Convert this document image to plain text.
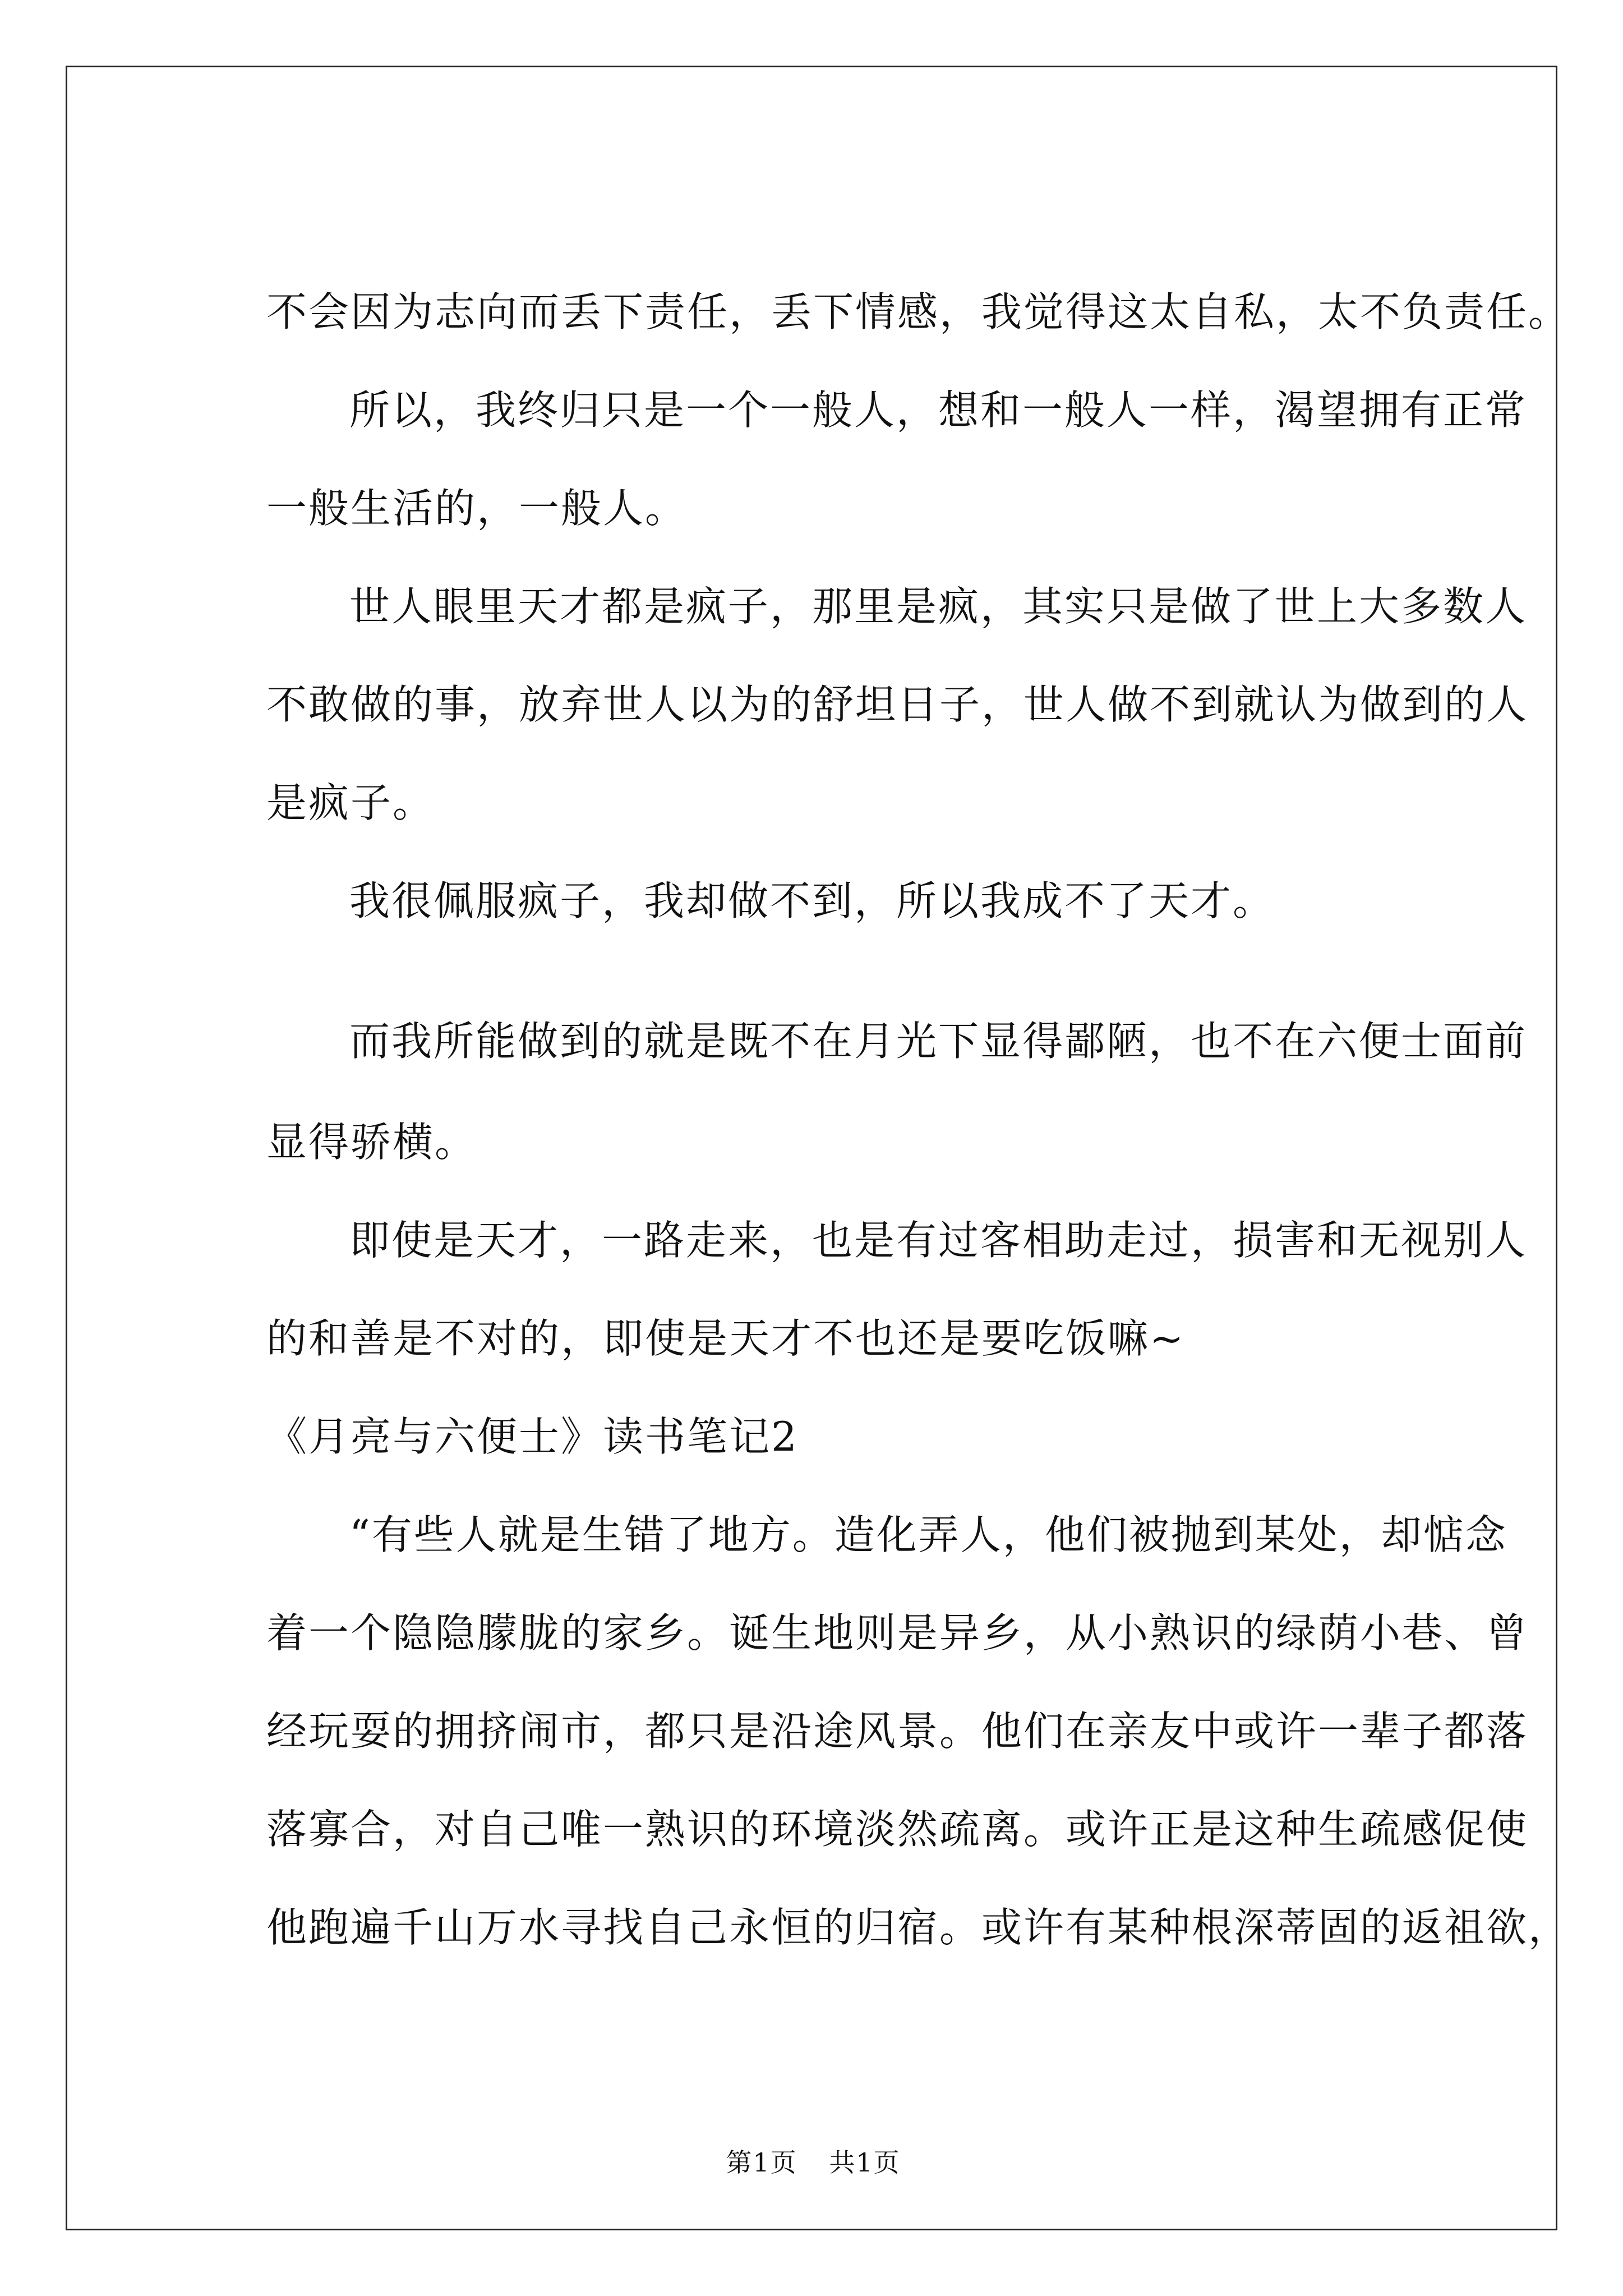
不会因为志向而丢下责任，丢下情感，我觉得这太自私，太不负责任。
所以，我终归只是一个一般人，想和一般人一样，渴望拥有正常
一般生活的，一般人。
世人眼里天才都是疯子，那里是疯，其实只是做了世上大多数人
不敢做的事，放弃世人以为的舒坦日子，世人做不到就认为做到的人
是疯子。
我很佩服疯子，我却做不到，所以我成不了天才。
而我所能做到的就是既不在月光下显得鄙陋，也不在六便士面前
显得骄横。
即使是天才，一路走来，也是有过客相助走过，损害和无视别人
的和善是不对的，即使是天才不也还是要吃饭嘛~
《月亮与六便士》读书笔记2
“有些人就是生错了地方。造化弄人，他们被抛到某处，却惦念
着一个隐隐朦胧的家乡。诞生地则是异乡，从小熟识的绿荫小巷、曾
经玩耍的拥挤闹市，都只是沿途风景。他们在亲友中或许一辈子都落
落寡合，对自己唯一熟识的环境淡然疏离。或许正是这种生疏感促使
他跑遍千山万水寻找自己永恒的归宿。或许有某种根深蒂固的返祖欲，
第1页 共1页
